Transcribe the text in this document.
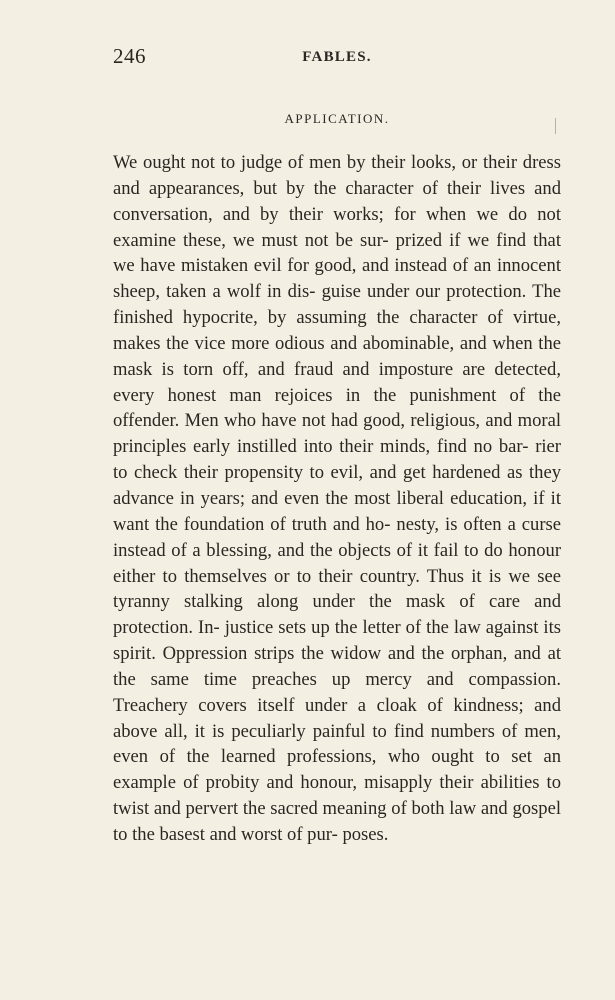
246	FABLES.
APPLICATION.

We ought not to judge of men by their looks, or their dress and appearances, but by the character of their lives and conversation, and by their works; for when we do not examine these, we must not be sur- prized if we find that we have mistaken evil for good, and instead of an innocent sheep, taken a wolf in dis- guise under our protection. The finished hypocrite, by assuming the character of virtue, makes the vice more odious and abominable, and when the mask is torn off, and fraud and imposture are detected, every honest man rejoices in the punishment of the offender. Men who have not had good, religious, and moral principles early instilled into their minds, find no bar- rier to check their propensity to evil, and get hardened as they advance in years; and even the most liberal education, if it want the foundation of truth and ho- nesty, is often a curse instead of a blessing, and the objects of it fail to do honour either to themselves or to their country. Thus it is we see tyranny stalking along under the mask of care and protection. In- justice sets up the letter of the law against its spirit. Oppression strips the widow and the orphan, and at the same time preaches up mercy and compassion. Treachery covers itself under a cloak of kindness; and above all, it is peculiarly painful to find numbers of men, even of the learned professions, who ought to set an example of probity and honour, misapply their abilities to twist and pervert the sacred meaning of both law and gospel to the basest and worst of pur- poses.
